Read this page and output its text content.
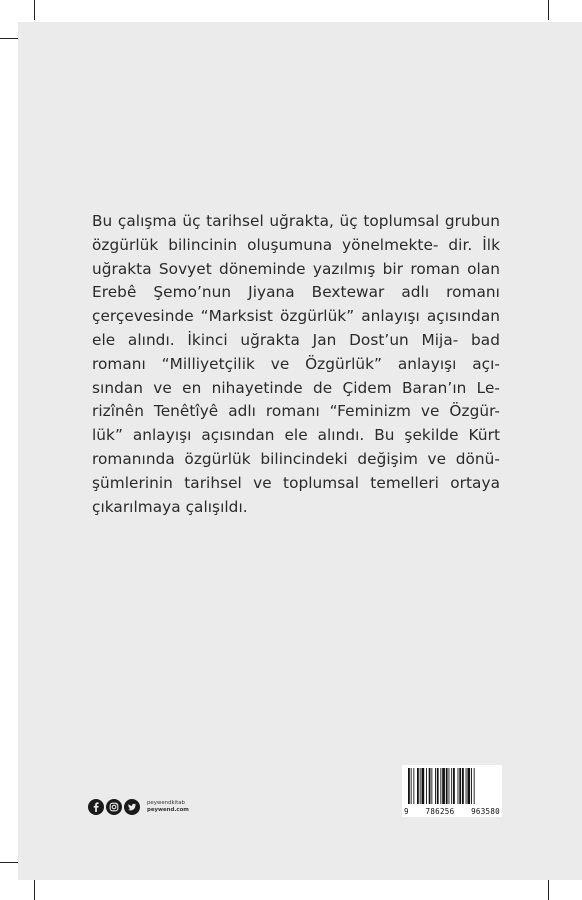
Bu çalışma üç tarihsel uğrakta, üç toplumsal grubun özgürlük bilincinin oluşumuna yönelmekte- dir. İlk uğrakta Sovyet döneminde yazılmış bir roman olan Erebê Şemo’nun Jiyana Bextewar adlı romanı çerçevesinde “Marksist özgürlük” anlayışı açısından ele alındı. İkinci uğrakta Jan Dost’un Mija- bad romanı “Milliyetçilik ve Özgürlük” anlayışı açı- sından ve en nihayetinde de Çidem Baran’ın Le- rizînên Tenêtîyê adlı romanı “Feminizm ve Özgür- lük” anlayışı açısından ele alındı. Bu şekilde Kürt romanında özgürlük bilincindeki değişim ve dönü- şümlerinin tarihsel ve toplumsal temelleri ortaya çıkarılmaya çalışıldı.

peywendkitab
peywend.com	9 786256 963580
